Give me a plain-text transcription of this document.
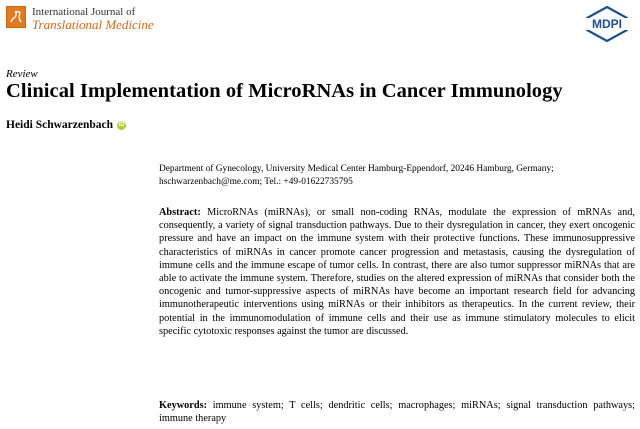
International Journal of
Translational Medicine	MDPI
Review
Clinical Implementation of MicroRNAs in Cancer Immunology
Heidi Schwarzenbach iD
Department of Gynecology, University Medical Center Hamburg-Eppendorf, 20246 Hamburg, Germany;
hschwarzenbach@me.com; Tel.: +49-01622735795
Abstract: MicroRNAs (miRNAs), or small non-coding RNAs, modulate the expression of mRNAs and, consequently, a variety of signal transduction pathways. Due to their dysregulation in cancer, they exert oncogenic pressure and have an impact on the immune system with their protective functions. These immunosuppressive characteristics of miRNAs in cancer promote cancer progression and metastasis, causing the dysregulation of immune cells and the immune escape of tumor cells. In contrast, there are also tumor suppressor miRNAs that are able to activate the immune system. Therefore, studies on the altered expression of miRNAs that consider both the oncogenic and tumor-suppressive aspects of miRNAs have become an important research field for advancing immunotherapeutic interventions using miRNAs or their inhibitors as therapeutics. In the current review, their potential in the immunomodulation of immune cells and their use as immune stimulatory molecules to elicit specific cytotoxic responses against the tumor are discussed.
Keywords: immune system; T cells; dendritic cells; macrophages; miRNAs; signal transduction pathways; immune therapy
